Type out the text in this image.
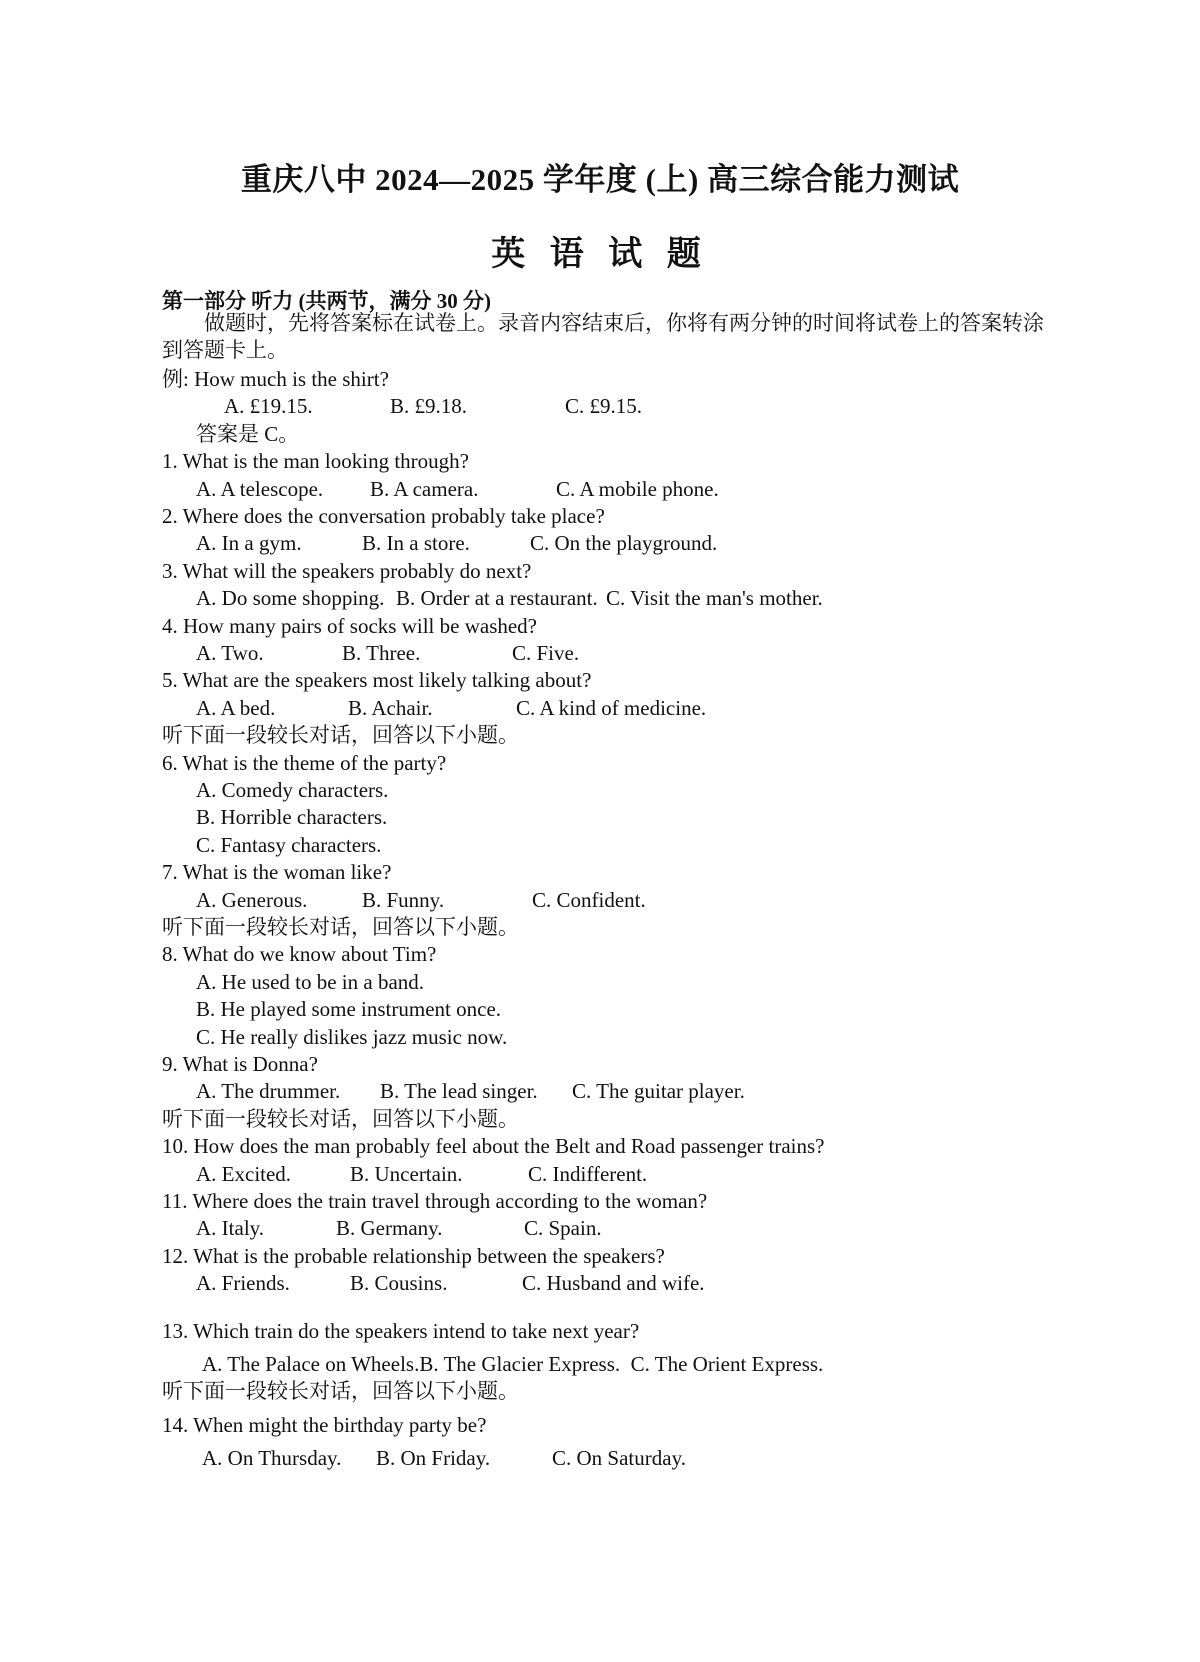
重庆八中 2024—2025 学年度 (上) 高三综合能力测试
英 语 试 题
第一部分 听力 (共两节，满分 30 分)
做题时，先将答案标在试卷上。录音内容结束后，你将有两分钟的时间将试卷上的答案转涂到答题卡上。
例: How much is the shirt?
A. £19.15.	B. £9.18.	C. £9.15.
答案是 C。
1. What is the man looking through?
A. A telescope. B. A camera.	C. A mobile phone.
2. Where does the conversation probably take place?
A. In a gym.	B. In a store.	C. On the playground.
3. What will the speakers probably do next?
A. Do some shopping. B. Order at a restaurant. C. Visit the man's mother.
4. How many pairs of socks will be washed?
A. Two.	B. Three.	C. Five.
5. What are the speakers most likely talking about?
A. A bed.	B. Achair.	C. A kind of medicine.
听下面一段较长对话，回答以下小题。
6. What is the theme of the party?
A. Comedy characters.
B. Horrible characters.
C. Fantasy characters.
7. What is the woman like?
A. Generous.	B. Funny.	C. Confident.
听下面一段较长对话，回答以下小题。
8. What do we know about Tim?
A. He used to be in a band.
B. He played some instrument once.
C. He really dislikes jazz music now.
9. What is Donna?
A. The drummer. B. The lead singer. C. The guitar player.
听下面一段较长对话，回答以下小题。
10. How does the man probably feel about the Belt and Road passenger trains?
A. Excited.	B. Uncertain.	C. Indifferent.
11. Where does the train travel through according to the woman?
A. Italy.	B. Germany.	C. Spain.
12. What is the probable relationship between the speakers?
A. Friends.	B. Cousins.	C. Husband and wife.
13. Which train do the speakers intend to take next year?
A. The Palace on Wheels.B. The Glacier Express.  C. The Orient Express.
听下面一段较长对话，回答以下小题。
14. When might the birthday party be?
A. On Thursday. B. On Friday.	C. On Saturday.
